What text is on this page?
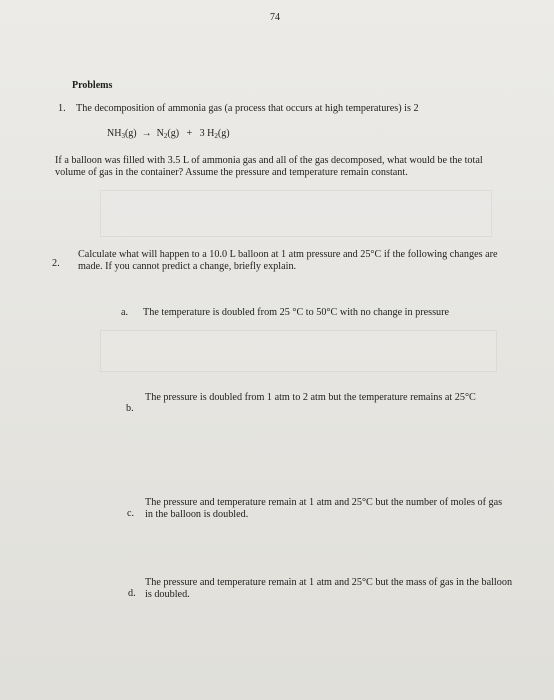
74
Problems
1. The decomposition of ammonia gas (a process that occurs at high temperatures) is 2
$NH_3(g) \to N_2(g) + 3$ $H_2(g)$
If a balloon was filled with 3.5 L of ammonia gas and all of the gas decomposed, what would be the total volume of gas in the container? Assume the pressure and temperature remain constant.
2.
Calculate what will happen to a 10.0 L balloon at 1 atm pressure and 25°C if the following changes are made. If you cannot predict a change, briefly explain.
a. The temperature is doubled from 25 °C to 50°C with no change in pressure
b.
The pressure is doubled from 1 atm to 2 atm but the temperature remains at 25°C
c.
The pressure and temperature remain at 1 atm and 25°C but the number of moles of gas in the balloon is doubled.
d.
The pressure and temperature remain at 1 atm and 25°C but the mass of gas in the balloon is doubled.
